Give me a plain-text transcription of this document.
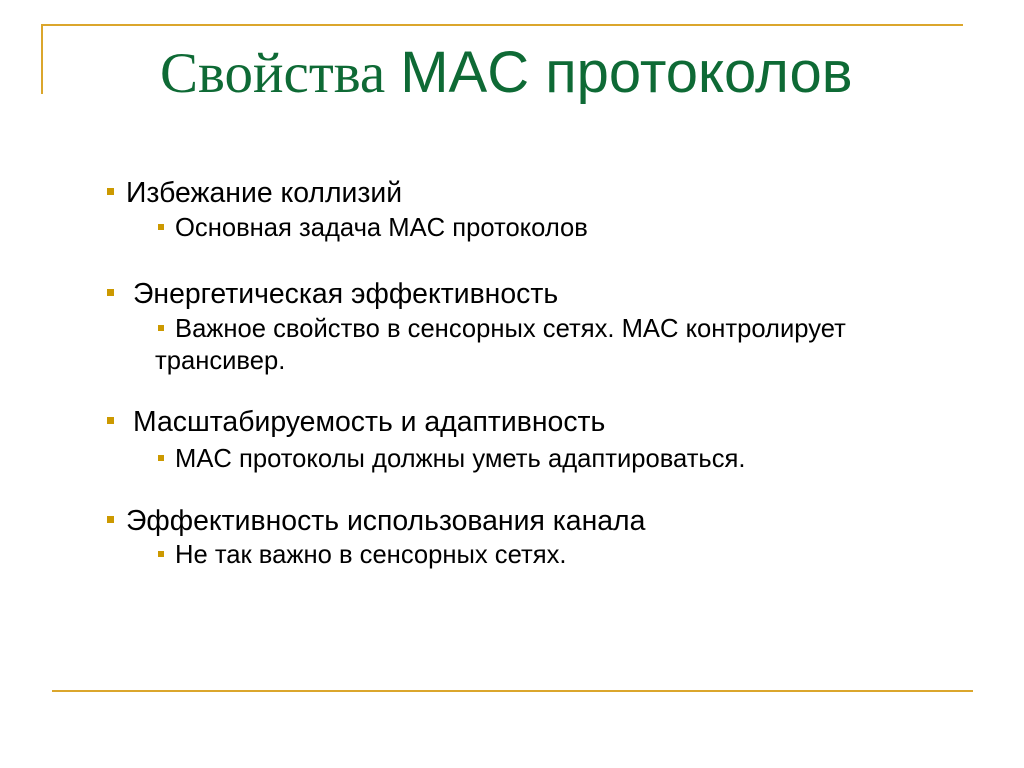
Свойства MAC протоколов
Избежание коллизий
Основная задача MAC протоколов
Энергетическая эффективность
Важное свойство в сенсорных сетях. MAC контролирует трансивер.
Масштабируемость и адаптивность
MAC протоколы должны уметь адаптироваться.
Эффективность использования канала
Не так важно в сенсорных сетях.
